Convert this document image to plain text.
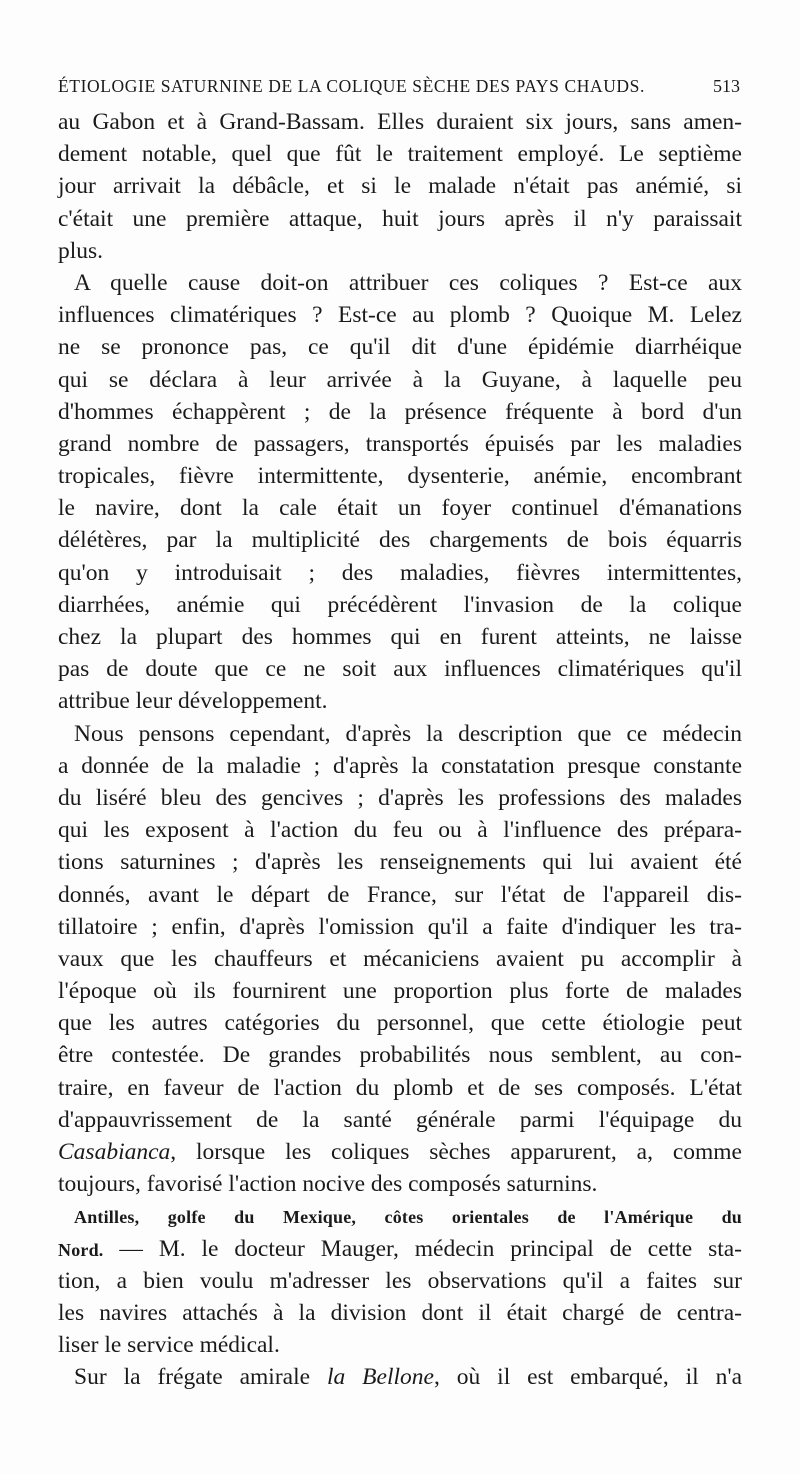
ÉTIOLOGIE SATURNINE DE LA COLIQUE SÈCHE DES PAYS CHAUDS.	513
au Gabon et à Grand-Bassam. Elles duraient six jours, sans amen-
dement notable, quel que fût le traitement employé. Le septième
jour arrivait la débâcle, et si le malade n'était pas anémié, si
c'était une première attaque, huit jours après il n'y paraissait
plus.
A quelle cause doit-on attribuer ces coliques ? Est-ce aux
influences climatériques ? Est-ce au plomb ? Quoique M. Lelez
ne se prononce pas, ce qu'il dit d'une épidémie diarrhéique
qui se déclara à leur arrivée à la Guyane, à laquelle peu
d'hommes échappèrent ; de la présence fréquente à bord d'un
grand nombre de passagers, transportés épuisés par les maladies
tropicales, fièvre intermittente, dysenterie, anémie, encombrant
le navire, dont la cale était un foyer continuel d'émanations
délétères, par la multiplicité des chargements de bois équarris
qu'on y introduisait ; des maladies, fièvres intermittentes,
diarrhées, anémie qui précédèrent l'invasion de la colique
chez la plupart des hommes qui en furent atteints, ne laisse
pas de doute que ce ne soit aux influences climatériques qu'il
attribue leur développement.
Nous pensons cependant, d'après la description que ce médecin
a donnée de la maladie ; d'après la constatation presque constante
du liséré bleu des gencives ; d'après les professions des malades
qui les exposent à l'action du feu ou à l'influence des prépara-
tions saturnines ; d'après les renseignements qui lui avaient été
donnés, avant le départ de France, sur l'état de l'appareil dis-
tillatoire ; enfin, d'après l'omission qu'il a faite d'indiquer les tra-
vaux que les chauffeurs et mécaniciens avaient pu accomplir à
l'époque où ils fournirent une proportion plus forte de malades
que les autres catégories du personnel, que cette étiologie peut
être contestée. De grandes probabilités nous semblent, au con-
traire, en faveur de l'action du plomb et de ses composés. L'état
d'appauvrissement de la santé générale parmi l'équipage du
Casabianca, lorsque les coliques sèches apparurent, a, comme
toujours, favorisé l'action nocive des composés saturnins.
Antilles, golfe du Mexique, côtes orientales de l'Amérique du
Nord. — M. le docteur Mauger, médecin principal de cette sta-
tion, a bien voulu m'adresser les observations qu'il a faites sur
les navires attachés à la division dont il était chargé de centra-
liser le service médical.
Sur la frégate amirale la Bellone, où il est embarqué, il n'a
